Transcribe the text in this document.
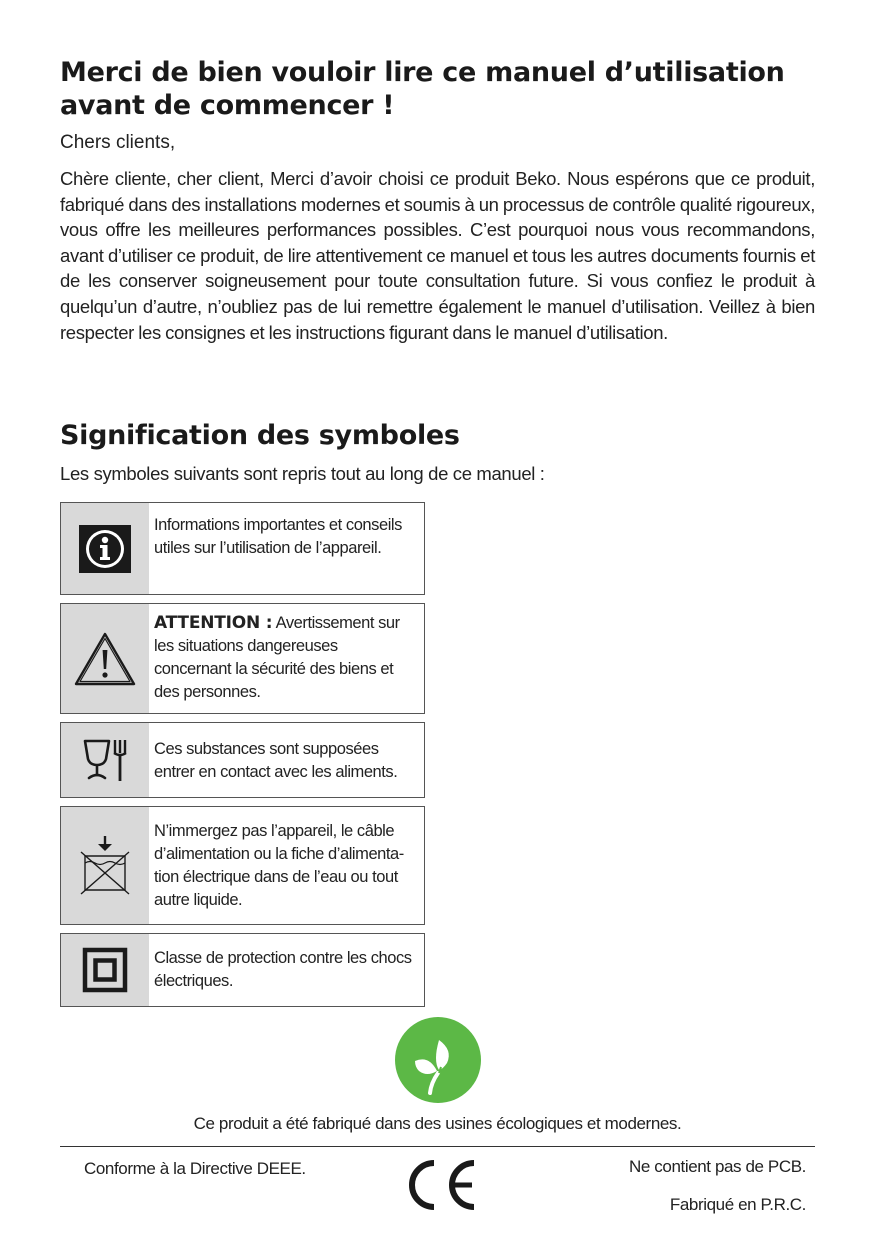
Merci de bien vouloir lire ce manuel d’utilisation avant de commencer !

Chers clients,

Chère cliente, cher client, Merci d’avoir choisi ce produit Beko. Nous espérons que ce produit, fabriqué dans des installations modernes et soumis à un processus de contrôle qualité rigoureux, vous offre les meilleures performances possibles. C’est pourquoi nous vous recommandons, avant d’utiliser ce produit, de lire attentivement ce manuel et tous les autres documents fournis et de les conserver soigneusement pour toute consultation future. Si vous confiez le produit à quelqu’un d’autre, n’oubliez pas de lui remettre également le manuel d’utilisation. Veillez à bien respecter les consignes et les instructions figurant dans le manuel d’utilisation.

Signification des symboles

Les symboles suivants sont repris tout au long de ce manuel :

Informations importantes et conseils utiles sur l’utilisation de l’appareil.
ATTENTION : Avertissement sur les situations dangereuses concernant la sécurité des biens et des personnes.
Ces substances sont supposées entrer en contact avec les aliments.
N’immergez pas l’appareil, le câble d’alimentation ou la fiche d’alimenta-tion électrique dans de l’eau ou tout autre liquide.
Classe de protection contre les chocs électriques.
Ce produit a été fabriqué dans des usines écologiques et modernes.
Conforme à la Directive DEEE.	Ne contient pas de PCB.
Fabriqué en P.R.C.
